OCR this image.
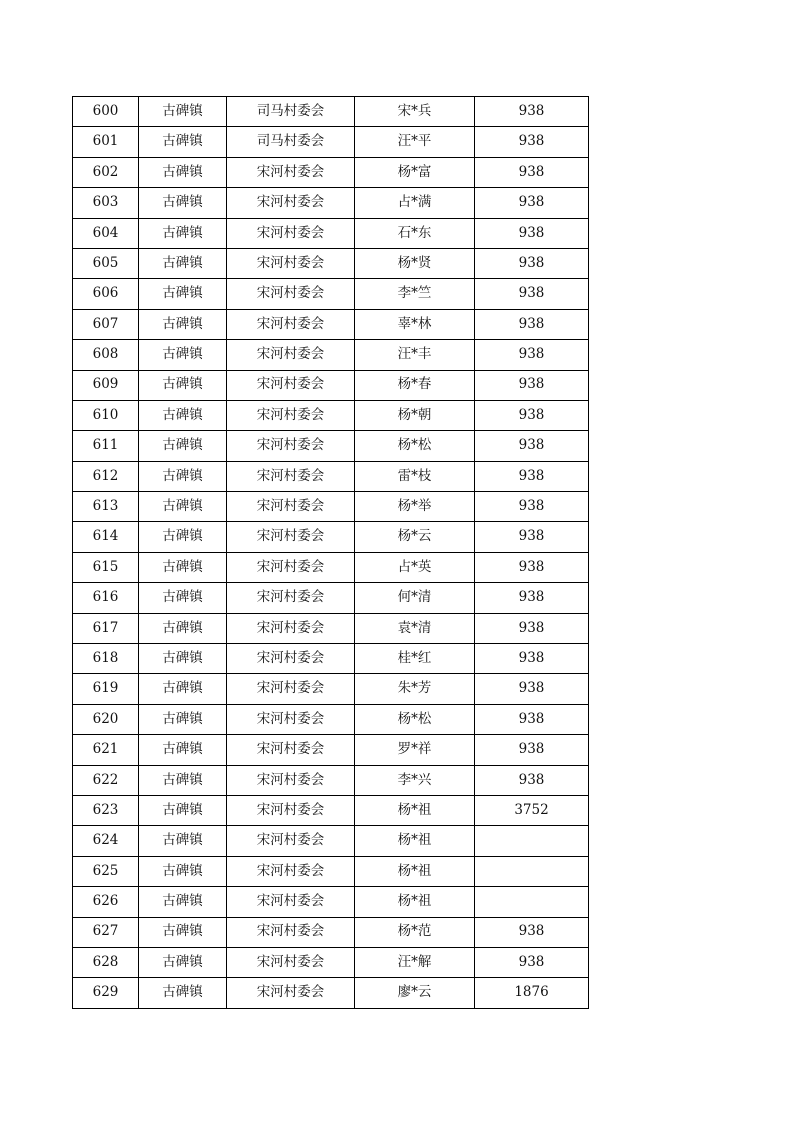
600	古碑镇	司马村委会	宋*兵	938
601	古碑镇	司马村委会	汪*平	938
602	古碑镇	宋河村委会	杨*富	938
603	古碑镇	宋河村委会	占*满	938
604	古碑镇	宋河村委会	石*东	938
605	古碑镇	宋河村委会	杨*贤	938
606	古碑镇	宋河村委会	李*竺	938
607	古碑镇	宋河村委会	辜*林	938
608	古碑镇	宋河村委会	汪*丰	938
609	古碑镇	宋河村委会	杨*春	938
610	古碑镇	宋河村委会	杨*朝	938
611	古碑镇	宋河村委会	杨*松	938
612	古碑镇	宋河村委会	雷*枝	938
613	古碑镇	宋河村委会	杨*举	938
614	古碑镇	宋河村委会	杨*云	938
615	古碑镇	宋河村委会	占*英	938
616	古碑镇	宋河村委会	何*清	938
617	古碑镇	宋河村委会	袁*清	938
618	古碑镇	宋河村委会	桂*红	938
619	古碑镇	宋河村委会	朱*芳	938
620	古碑镇	宋河村委会	杨*松	938
621	古碑镇	宋河村委会	罗*祥	938
622	古碑镇	宋河村委会	李*兴	938
623	古碑镇	宋河村委会	杨*祖	3752
624	古碑镇	宋河村委会	杨*祖	
625	古碑镇	宋河村委会	杨*祖	
626	古碑镇	宋河村委会	杨*祖	
627	古碑镇	宋河村委会	杨*范	938
628	古碑镇	宋河村委会	汪*解	938
629	古碑镇	宋河村委会	廖*云	1876
